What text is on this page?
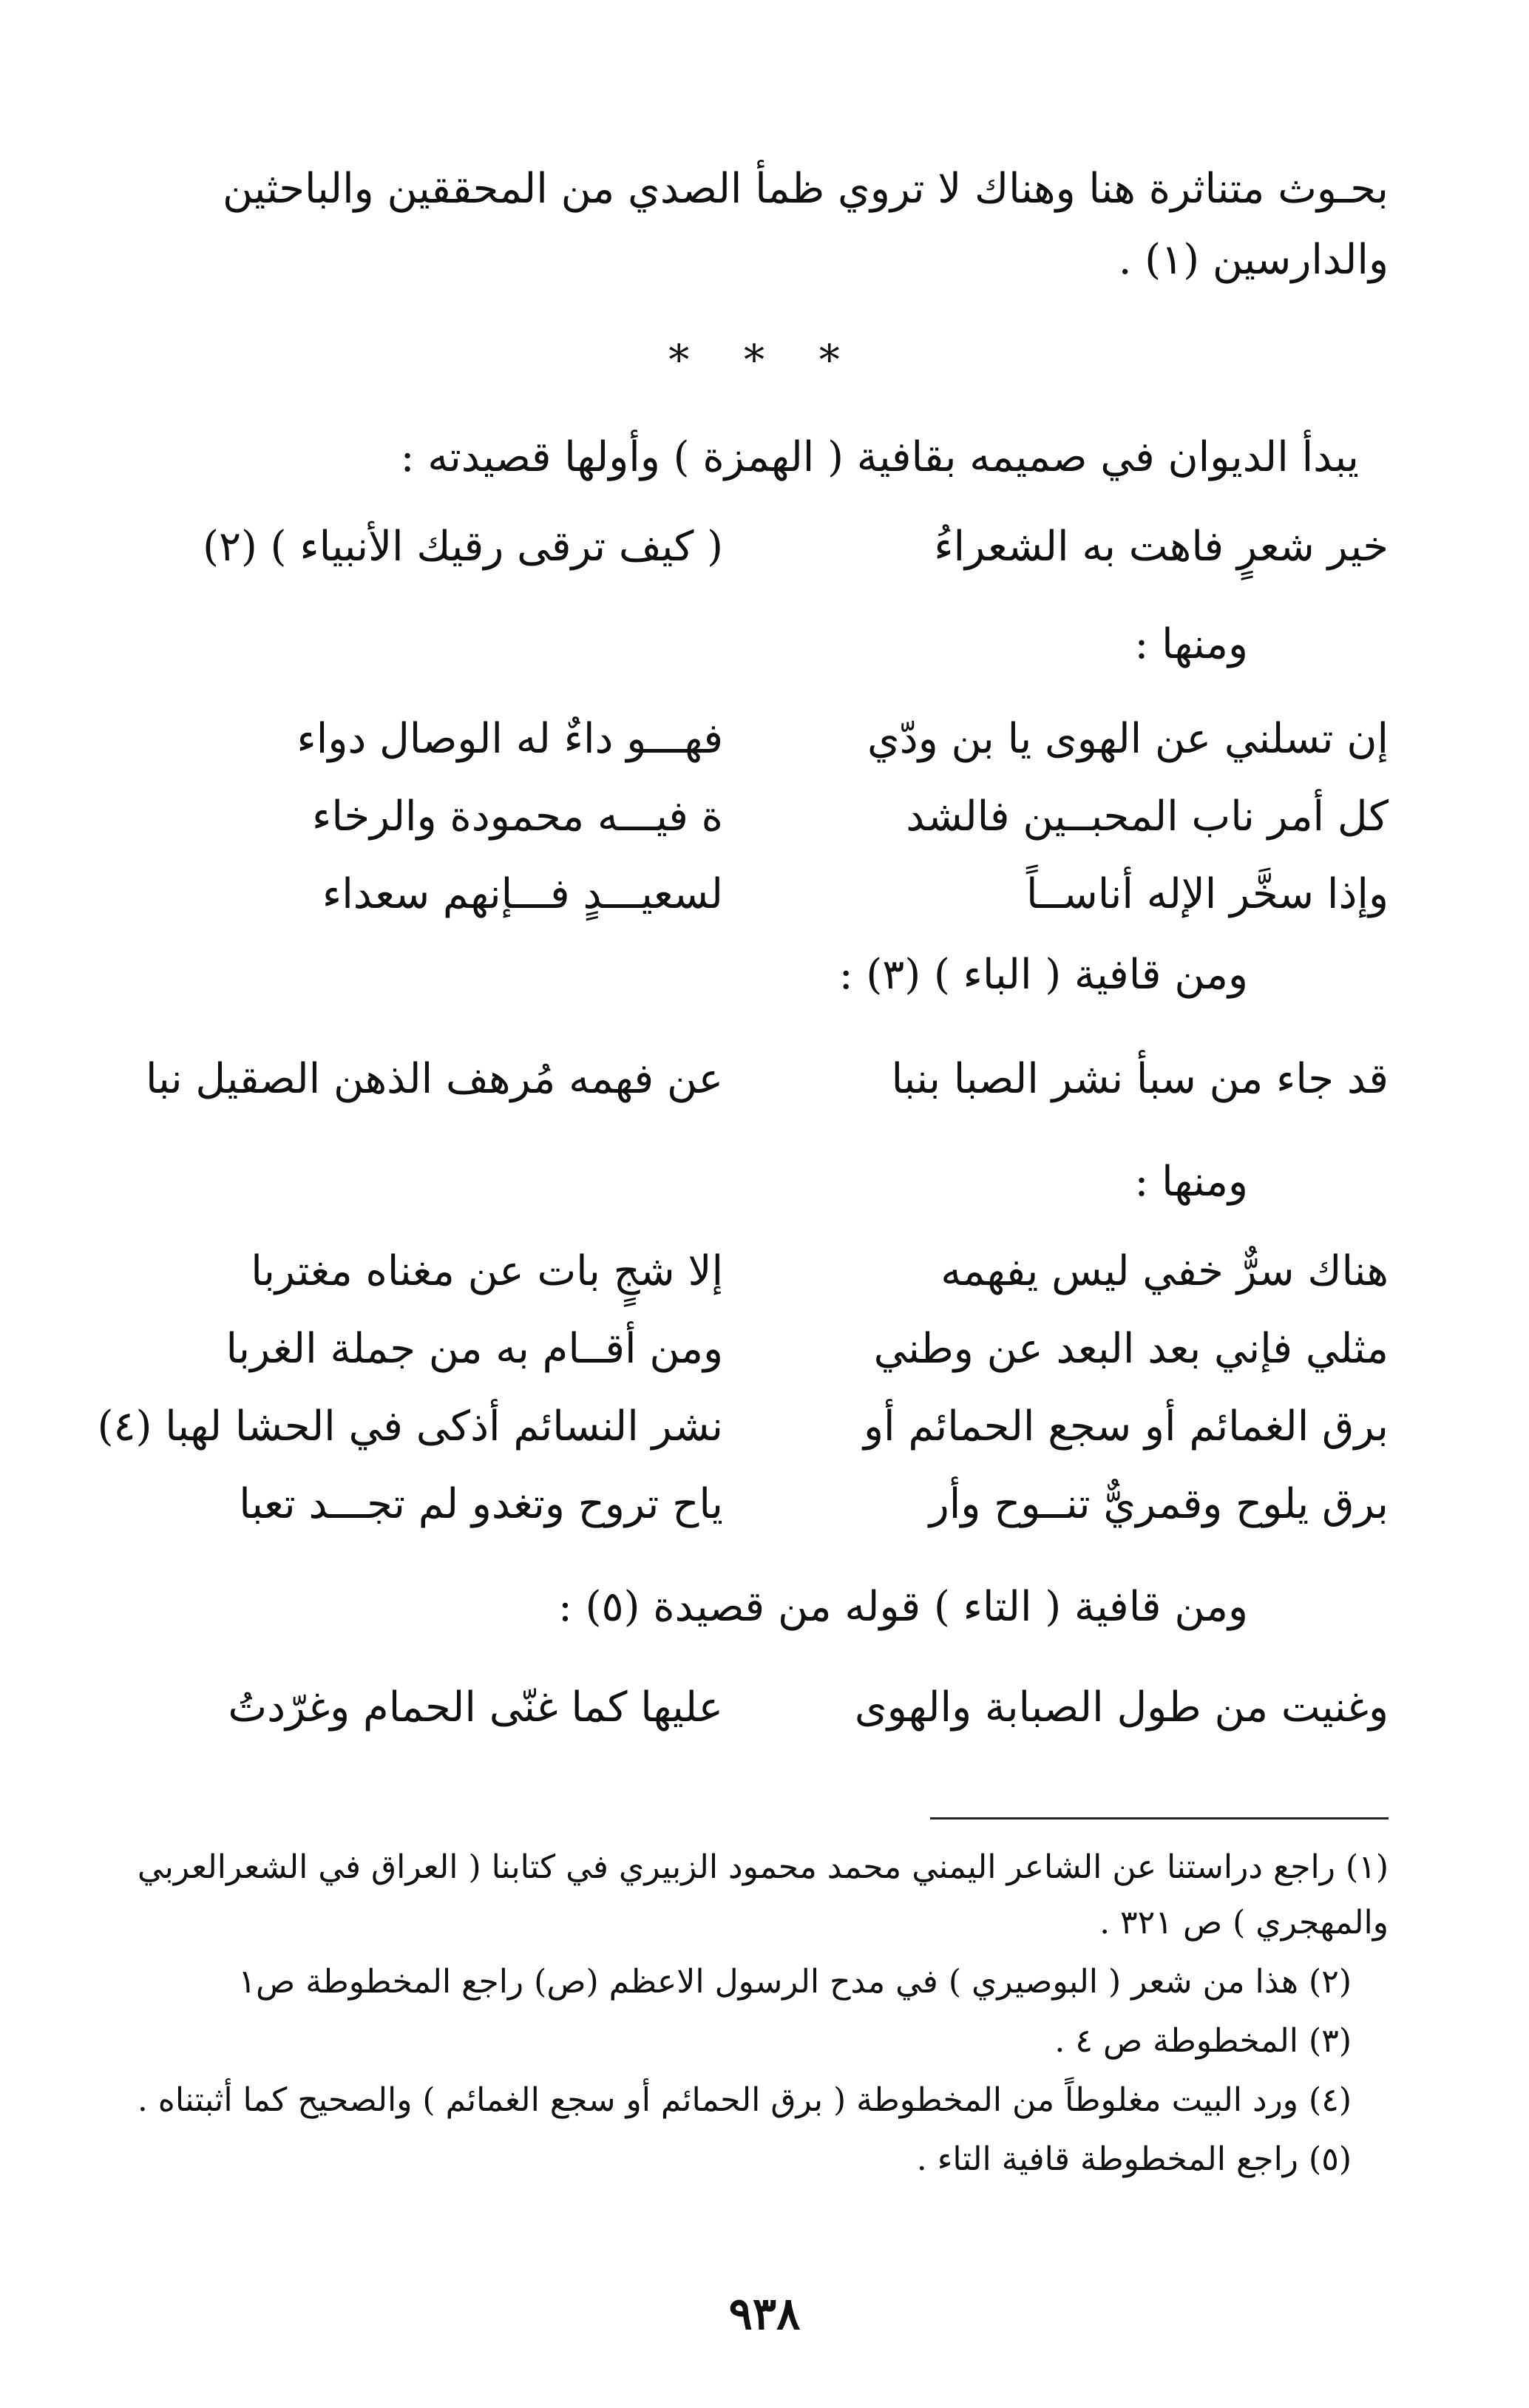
بحـوث متناثرة هنا وهناك لا تروي ظمأ الصدي من المحققين والباحثين
والدارسين (١) .
* * *
يبدأ الديوان في صميمه بقافية ( الهمزة ) وأولها قصيدته :
خير شعرٍ فاهت به الشعراءُ
( كيف ترقى رقيك الأنبياء ) (٢)
ومنها :
إن تسلني عن الهوى يا بن ودّي
فهـــو داءٌ له الوصال دواء
كل أمر ناب المحبــين فالشد
ة فيـــه محمودة والرخاء
وإذا سخَّر الإله أناســاً
لسعيـــدٍ فـــإنهم سعداء
ومن قافية ( الباء ) (٣) :
قد جاء من سبأ نشر الصبا بنبا
عن فهمه مُرهف الذهن الصقيل نبا
ومنها :
هناك سرٌّ خفي ليس يفهمه
إلا شجٍ بات عن مغناه مغتربا
مثلي فإني بعد البعد عن وطني
ومن أقــام به من جملة الغربا
برق الغمائم أو سجع الحمائم أو
نشر النسائم أذكى في الحشا لهبا (٤)
برق يلوح وقمريٌّ تنــوح وأر
ياح تروح وتغدو لم تجـــد تعبا
ومن قافية ( التاء ) قوله من قصيدة (٥) :
وغنيت من طول الصبابة والهوى
عليها كما غنّى الحمام وغرّدتُ
(١) راجع دراستنا عن الشاعر اليمني محمد محمود الزبيري في كتابنا ( العراق في الشعرالعربي
والمهجري ) ص ٣٢١ .
(٢) هذا من شعر ( البوصيري ) في مدح الرسول الاعظم (ص) راجع المخطوطة ص١
(٣) المخطوطة ص ٤ .
(٤) ورد البيت مغلوطاً من المخطوطة ( برق الحمائم أو سجع الغمائم ) والصحيح كما أثبتناه .
(٥) راجع المخطوطة قافية التاء .
٩٣٨
